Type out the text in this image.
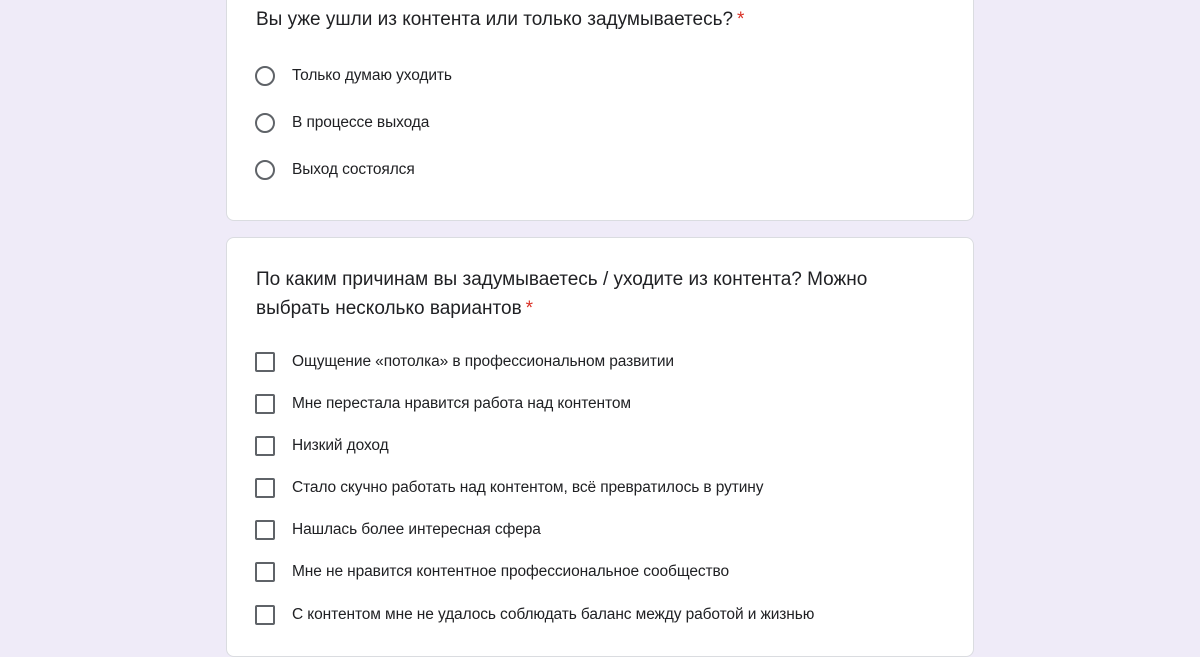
Вы уже ушли из контента или только задумываетесь? *
Только думаю уходить
В процессе выхода
Выход состоялся
По каким причинам вы задумываетесь / уходите из контента? Можно выбрать несколько вариантов *
Ощущение «потолка» в профессиональном развитии
Мне перестала нравится работа над контентом
Низкий доход
Стало скучно работать над контентом, всё превратилось в рутину
Нашлась более интересная сфера
Мне не нравится контентное профессиональное сообщество
С контентом мне не удалось соблюдать баланс между работой и жизнью
